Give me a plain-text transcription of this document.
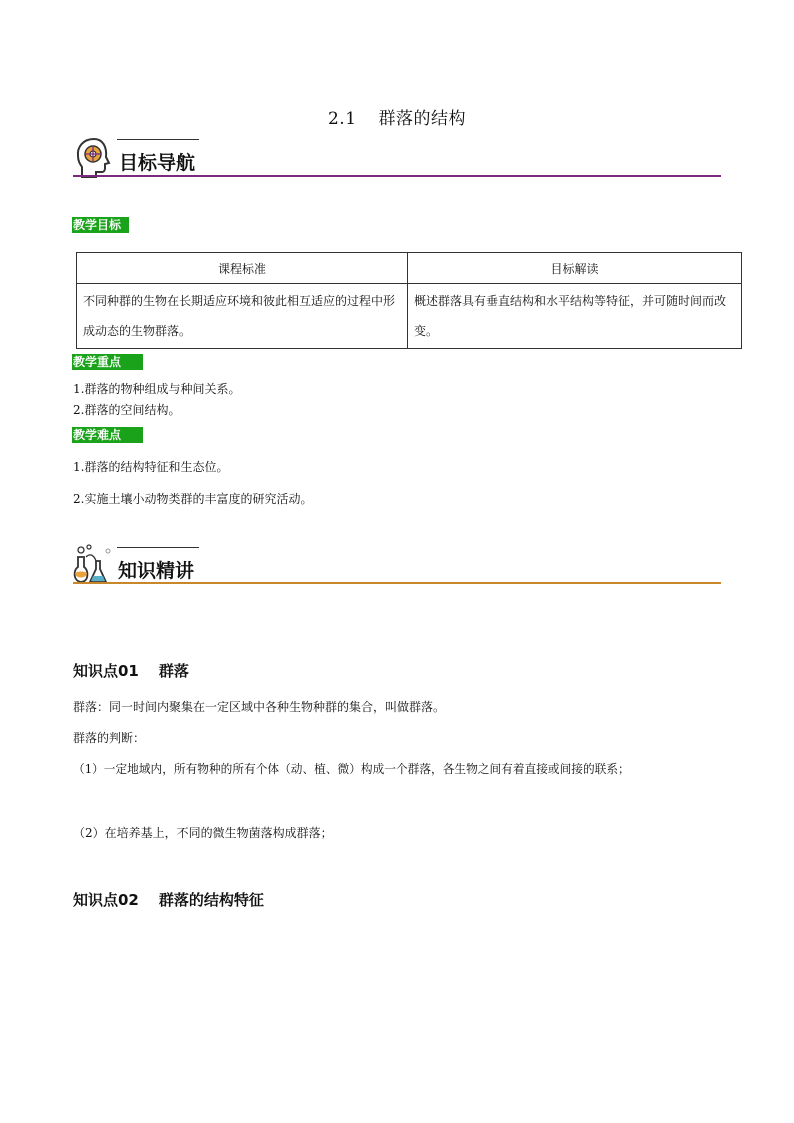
2.1 群落的结构
目标导航
教学目标
课程标准	目标解读
不同种群的生物在长期适应环境和彼此相互适应的过程中形成动态的生物群落。	概述群落具有垂直结构和水平结构等特征，并可随时间而改变。
教学重点
1.群落的物种组成与种间关系。
2.群落的空间结构。
教学难点
1.群落的结构特征和生态位。
2.实施土壤小动物类群的丰富度的研究活动。
知识精讲
知识点01 群落
群落：同一时间内聚集在一定区域中各种生物种群的集合，叫做群落。
群落的判断：
（1）一定地域内，所有物种的所有个体（动、植、微）构成一个群落，各生物之间有着直接或间接的联系；
（2）在培养基上，不同的微生物菌落构成群落；
知识点02 群落的结构特征
